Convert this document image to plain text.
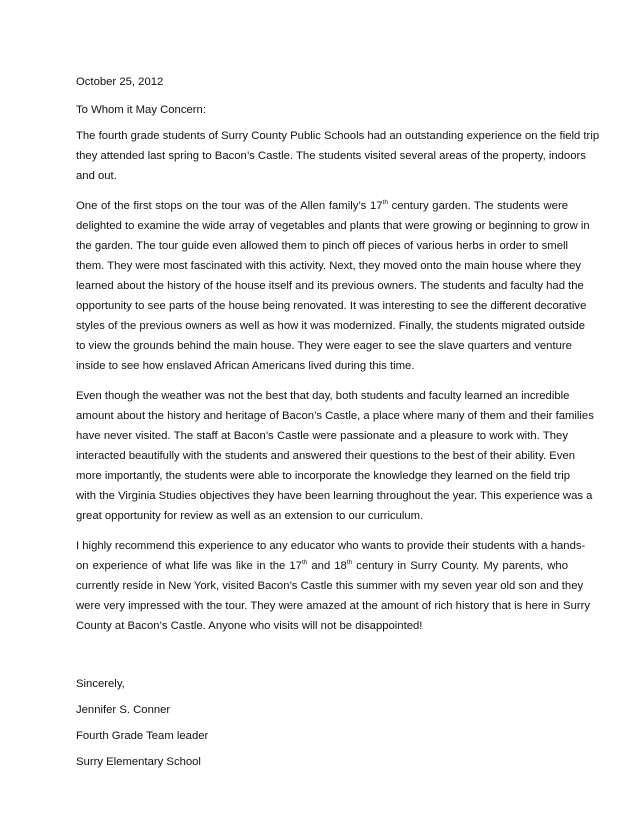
October 25, 2012
To Whom it May Concern:
The fourth grade students of Surry County Public Schools had an outstanding experience on the field trip
they attended last spring to Bacon’s Castle. The students visited several areas of the property, indoors
and out.
One of the first stops on the tour was of the Allen family’s 17th century garden. The students were
delighted to examine the wide array of vegetables and plants that were growing or beginning to grow in
the garden. The tour guide even allowed them to pinch off pieces of various herbs in order to smell
them. They were most fascinated with this activity. Next, they moved onto the main house where they
learned about the history of the house itself and its previous owners. The students and faculty had the
opportunity to see parts of the house being renovated. It was interesting to see the different decorative
styles of the previous owners as well as how it was modernized. Finally, the students migrated outside
to view the grounds behind the main house. They were eager to see the slave quarters and venture
inside to see how enslaved African Americans lived during this time.
Even though the weather was not the best that day, both students and faculty learned an incredible
amount about the history and heritage of Bacon’s Castle, a place where many of them and their families
have never visited. The staff at Bacon’s Castle were passionate and a pleasure to work with. They
interacted beautifully with the students and answered their questions to the best of their ability. Even
more importantly, the students were able to incorporate the knowledge they learned on the field trip
with the Virginia Studies objectives they have been learning throughout the year. This experience was a
great opportunity for review as well as an extension to our curriculum.
I highly recommend this experience to any educator who wants to provide their students with a hands-
on experience of what life was like in the 17th and 18th century in Surry County. My parents, who
currently reside in New York, visited Bacon’s Castle this summer with my seven year old son and they
were very impressed with the tour. They were amazed at the amount of rich history that is here in Surry
County at Bacon’s Castle. Anyone who visits will not be disappointed!
Sincerely,
Jennifer S. Conner
Fourth Grade Team leader
Surry Elementary School
